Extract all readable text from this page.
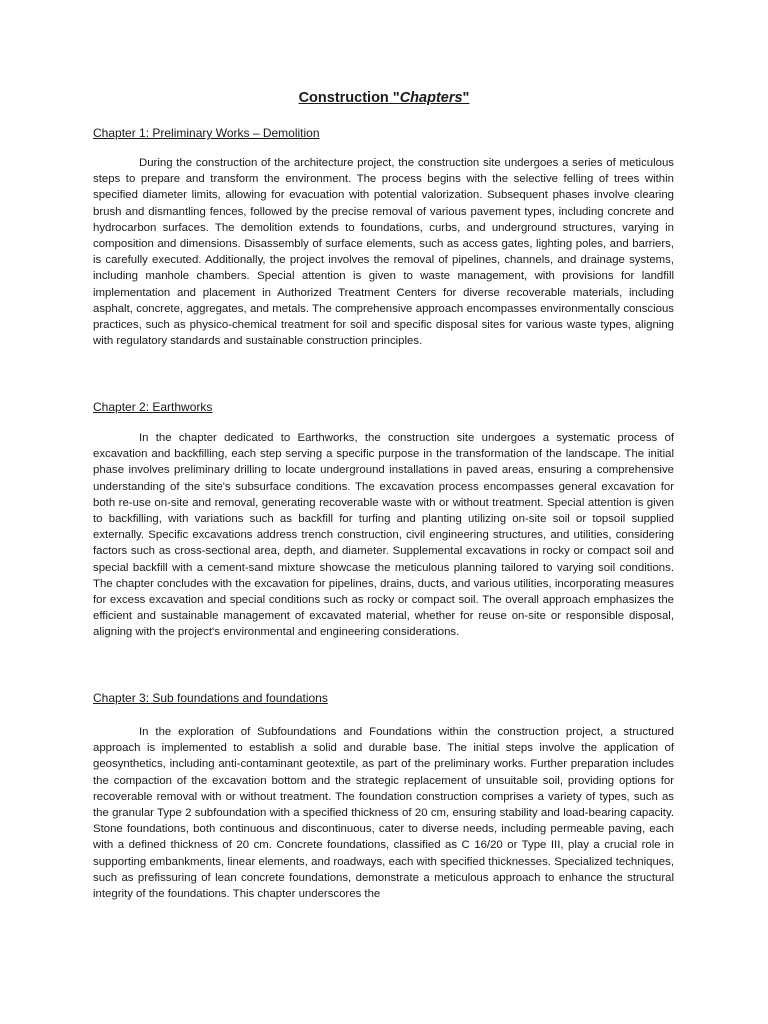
Construction "Chapters"
Chapter 1: Preliminary Works – Demolition

During the construction of the architecture project, the construction site undergoes a series of meticulous steps to prepare and transform the environment. The process begins with the selective felling of trees within specified diameter limits, allowing for evacuation with potential valorization. Subsequent phases involve clearing brush and dismantling fences, followed by the precise removal of various pavement types, including concrete and hydrocarbon surfaces. The demolition extends to foundations, curbs, and underground structures, varying in composition and dimensions. Disassembly of surface elements, such as access gates, lighting poles, and barriers, is carefully executed. Additionally, the project involves the removal of pipelines, channels, and drainage systems, including manhole chambers. Special attention is given to waste management, with provisions for landfill implementation and placement in Authorized Treatment Centers for diverse recoverable materials, including asphalt, concrete, aggregates, and metals. The comprehensive approach encompasses environmentally conscious practices, such as physico-chemical treatment for soil and specific disposal sites for various waste types, aligning with regulatory standards and sustainable construction principles.

Chapter 2: Earthworks

In the chapter dedicated to Earthworks, the construction site undergoes a systematic process of excavation and backfilling, each step serving a specific purpose in the transformation of the landscape. The initial phase involves preliminary drilling to locate underground installations in paved areas, ensuring a comprehensive understanding of the site's subsurface conditions. The excavation process encompasses general excavation for both re-use on-site and removal, generating recoverable waste with or without treatment. Special attention is given to backfilling, with variations such as backfill for turfing and planting utilizing on-site soil or topsoil supplied externally. Specific excavations address trench construction, civil engineering structures, and utilities, considering factors such as cross-sectional area, depth, and diameter. Supplemental excavations in rocky or compact soil and special backfill with a cement-sand mixture showcase the meticulous planning tailored to varying soil conditions. The chapter concludes with the excavation for pipelines, drains, ducts, and various utilities, incorporating measures for excess excavation and special conditions such as rocky or compact soil. The overall approach emphasizes the efficient and sustainable management of excavated material, whether for reuse on-site or responsible disposal, aligning with the project's environmental and engineering considerations.

Chapter 3: Sub foundations and foundations

In the exploration of Subfoundations and Foundations within the construction project, a structured approach is implemented to establish a solid and durable base. The initial steps involve the application of geosynthetics, including anti-contaminant geotextile, as part of the preliminary works. Further preparation includes the compaction of the excavation bottom and the strategic replacement of unsuitable soil, providing options for recoverable removal with or without treatment. The foundation construction comprises a variety of types, such as the granular Type 2 subfoundation with a specified thickness of 20 cm, ensuring stability and load-bearing capacity. Stone foundations, both continuous and discontinuous, cater to diverse needs, including permeable paving, each with a defined thickness of 20 cm. Concrete foundations, classified as C 16/20 or Type III, play a crucial role in supporting embankments, linear elements, and roadways, each with specified thicknesses. Specialized techniques, such as prefissuring of lean concrete foundations, demonstrate a meticulous approach to enhance the structural integrity of the foundations. This chapter underscores the
